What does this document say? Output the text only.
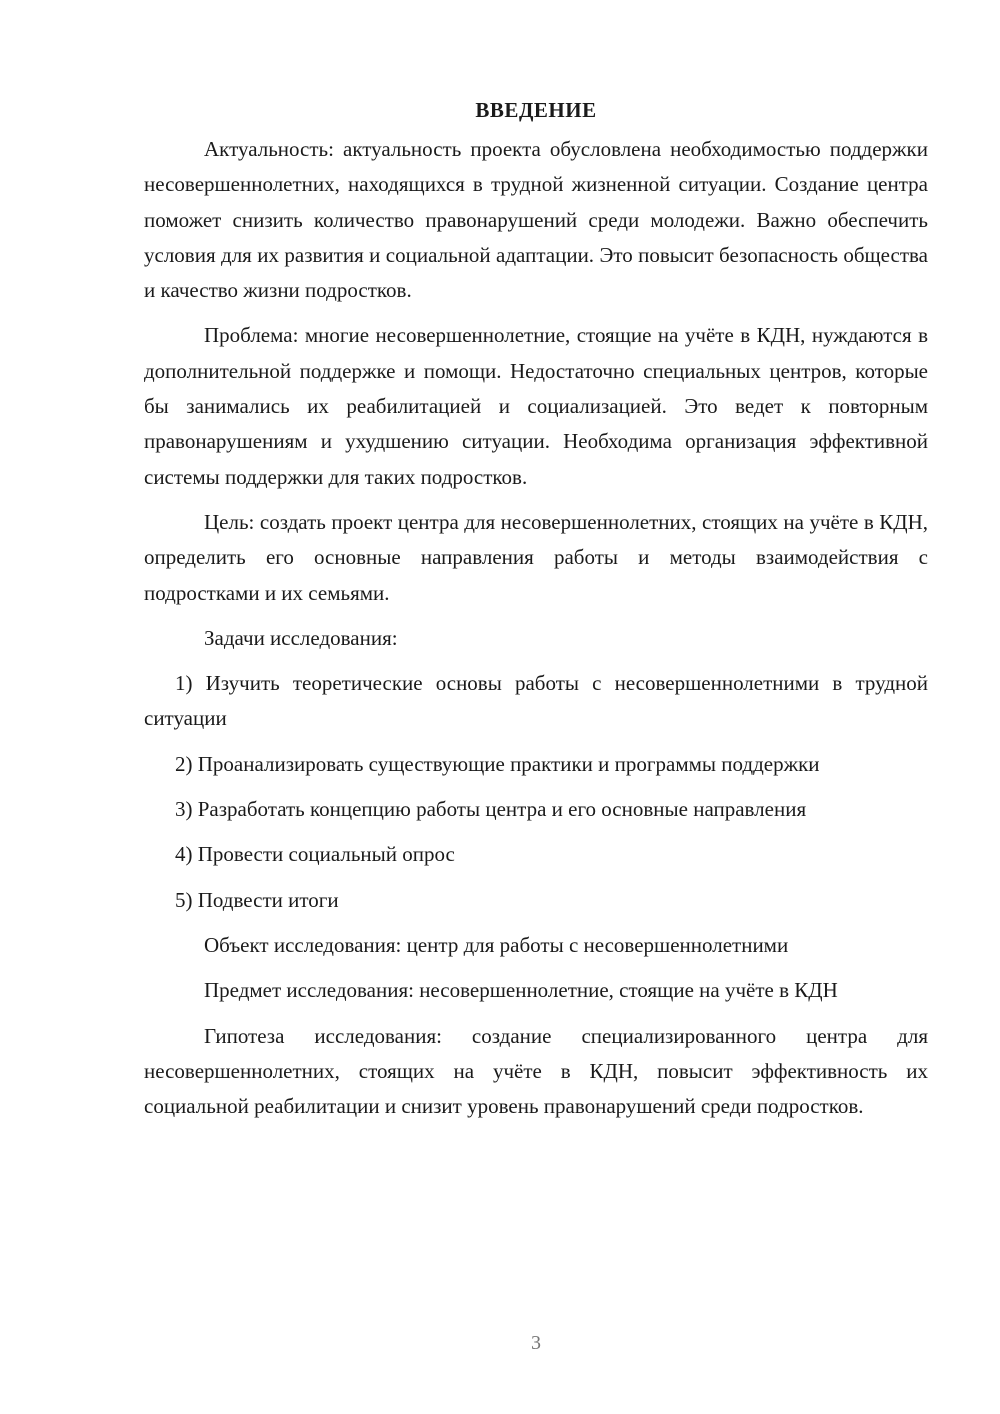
ВВЕДЕНИЕ

Актуальность: актуальность проекта обусловлена необходимостью поддержки несовершеннолетних, находящихся в трудной жизненной ситуации. Создание центра поможет снизить количество правонарушений среди молодежи. Важно обеспечить условия для их развития и социальной адаптации. Это повысит безопасность общества и качество жизни подростков.

Проблема: многие несовершеннолетние, стоящие на учёте в КДН, нуждаются в дополнительной поддержке и помощи. Недостаточно специальных центров, которые бы занимались их реабилитацией и социализацией. Это ведет к повторным правонарушениям и ухудшению ситуации. Необходима организация эффективной системы поддержки для таких подростков.

Цель: создать проект центра для несовершеннолетних, стоящих на учёте в КДН, определить его основные направления работы и методы взаимодействия с подростками и их семьями.

Задачи исследования:

1) Изучить теоретические основы работы с несовершеннолетними в трудной ситуации

2) Проанализировать существующие практики и программы поддержки

3) Разработать концепцию работы центра и его основные направления

4) Провести социальный опрос

5) Подвести итоги

Объект исследования: центр для работы с несовершеннолетними

Предмет исследования: несовершеннолетние, стоящие на учёте в КДН

Гипотеза исследования: создание специализированного центра для несовершеннолетних, стоящих на учёте в КДН, повысит эффективность их социальной реабилитации и снизит уровень правонарушений среди подростков.

3
